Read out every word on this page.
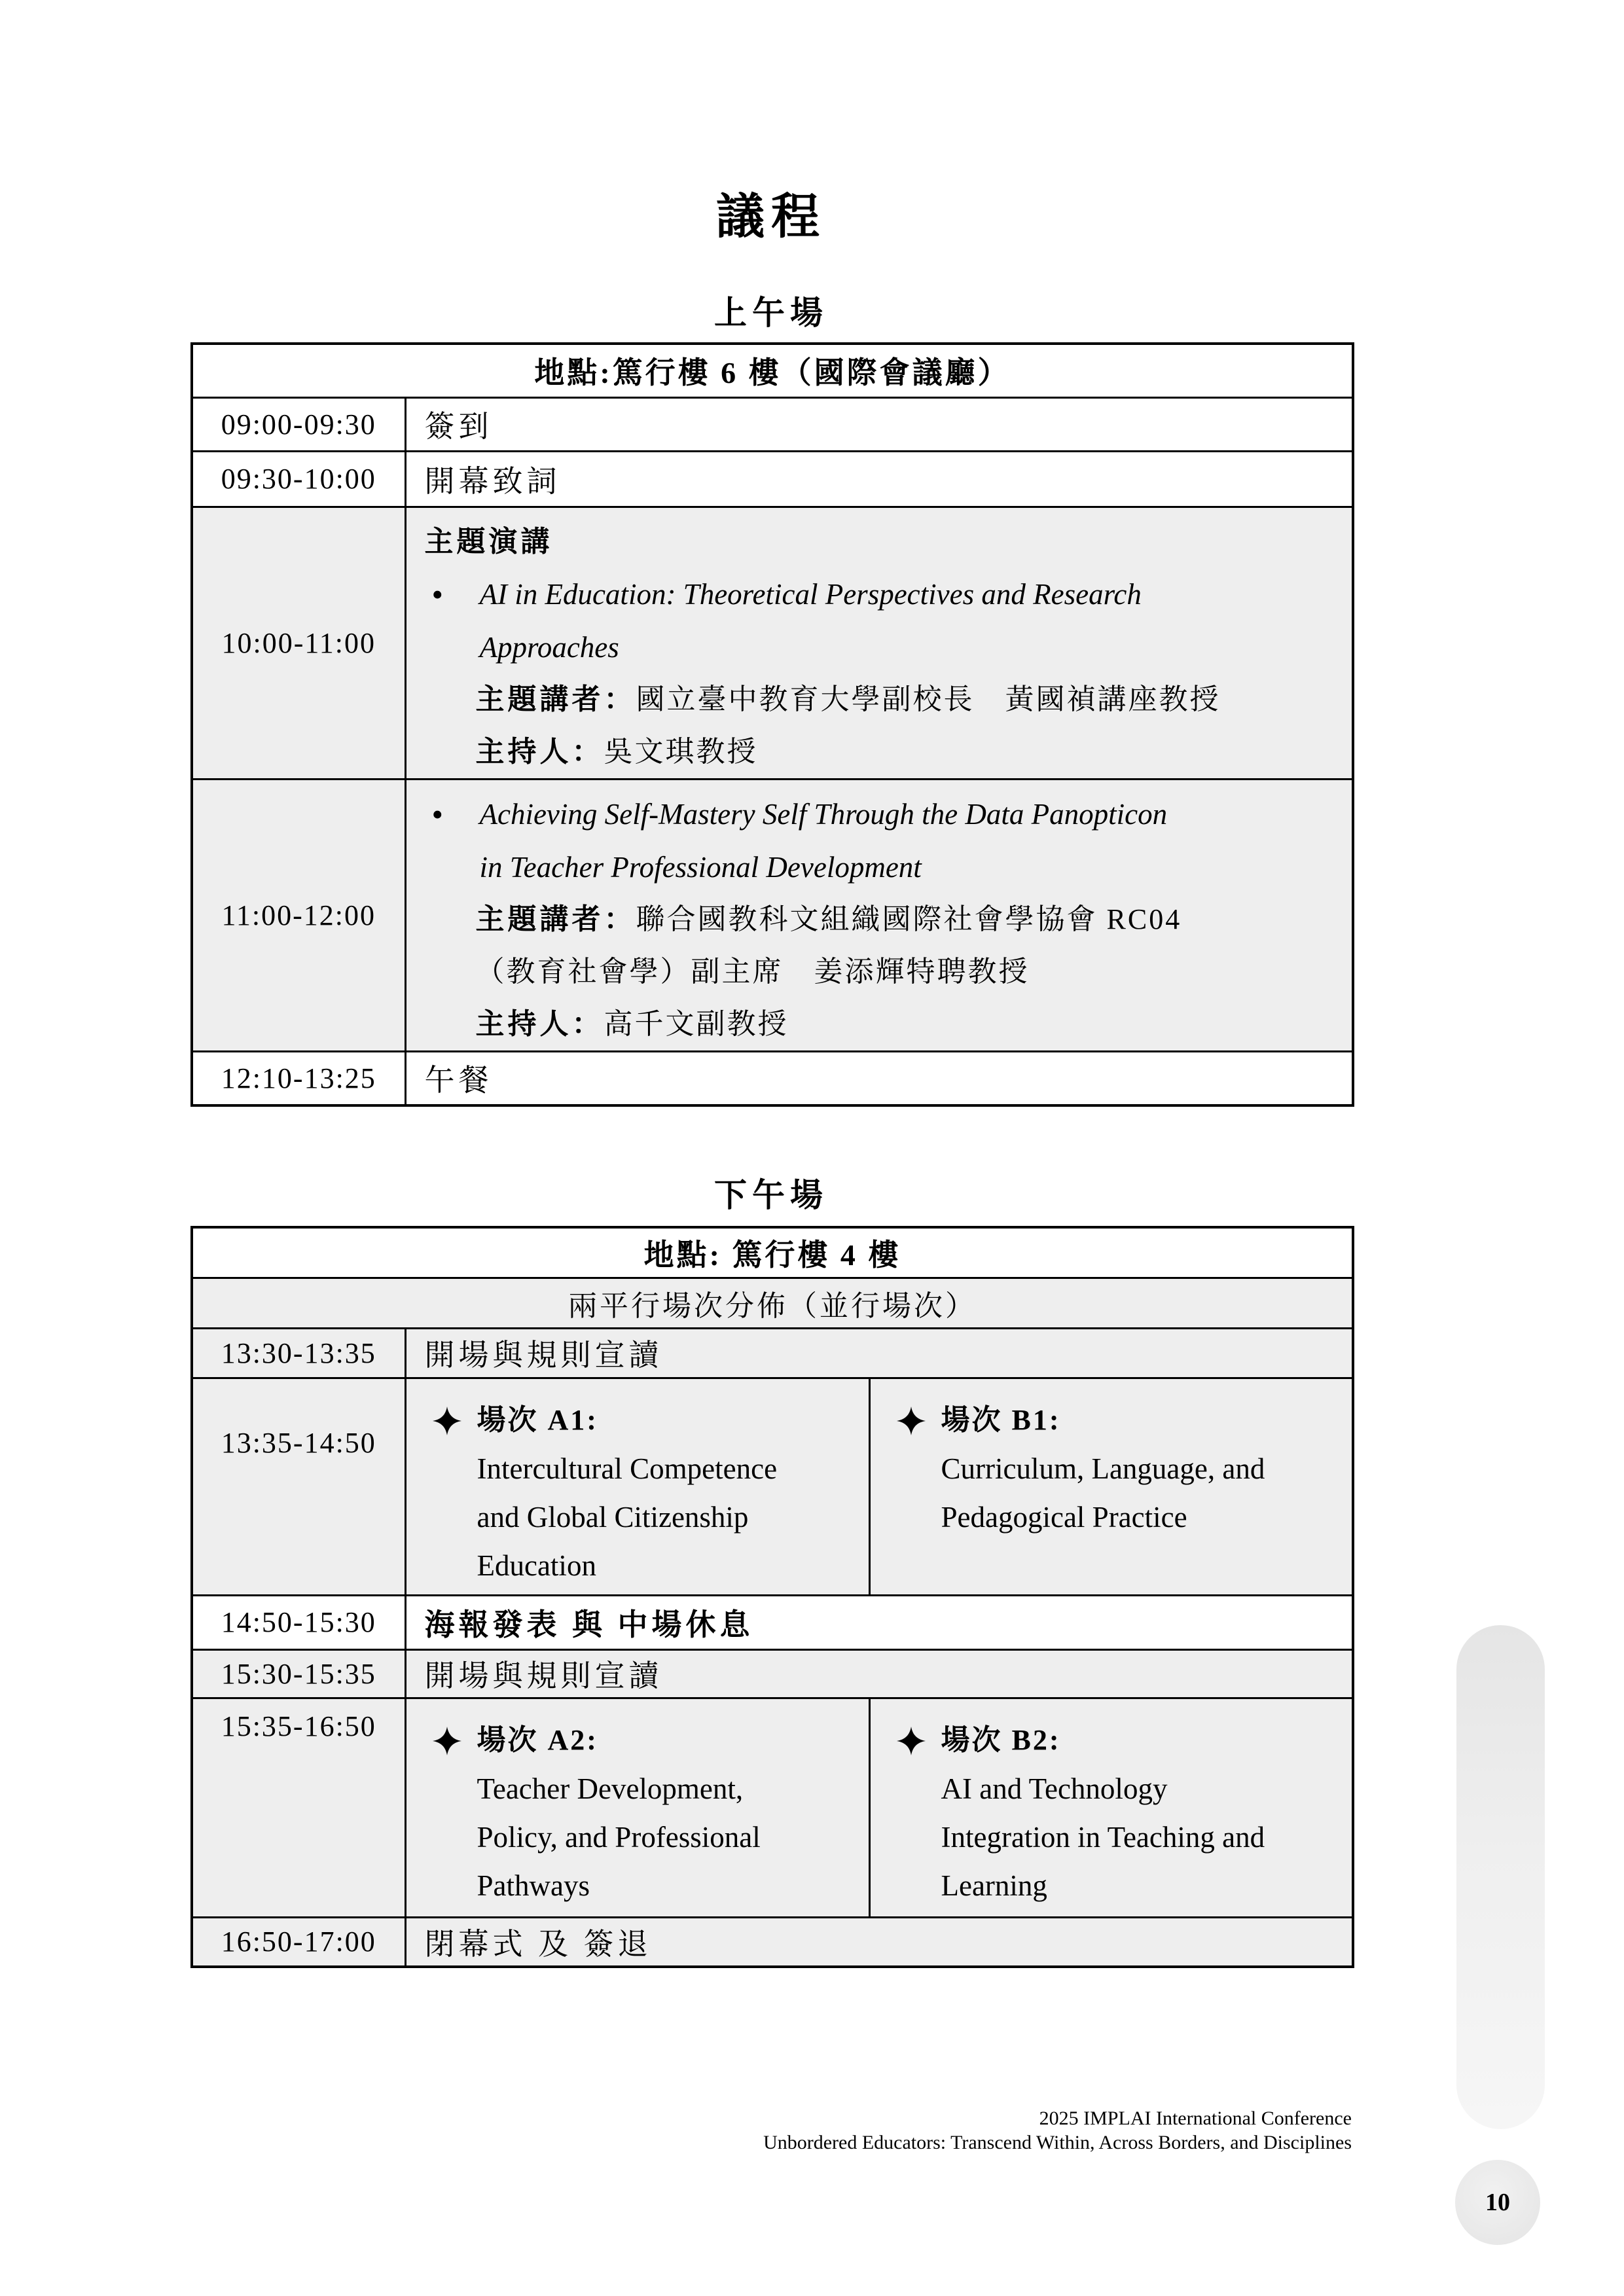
議程
上午場
地點:篤行樓 6 樓（國際會議廳）	
09:00-09:30	簽到
09:30-10:00	開幕致詞
10:00-11:00	
主題演講
• AI in Education: Theoretical Perspectives and Research
Approaches
主題講者：國立臺中教育大學副校長　黃國禎講座教授
主持人：吳文琪教授

11:00-12:00	
• Achieving Self-Mastery Self Through the Data Panopticon
in Teacher Professional Development
主題講者：聯合國教科文組織國際社會學協會 RC04
（教育社會學）副主席　姜添輝特聘教授
主持人：高千文副教授

12:10-13:25	午餐
下午場
地點: 篤行樓 4 樓		
兩平行場次分佈（並行場次）		
13:30-13:35	開場與規則宣讀	
13:35-14:50	
場次 A1:
Intercultural Competence
and Global Citizenship
Education

場次 B1:
Curriculum, Language, and
Pedagogical Practice

14:50-15:30	海報發表 與 中場休息	
15:30-15:35	開場與規則宣讀	
15:35-16:50	場次 A2:
Teacher Development,
Policy, and Professional
Pathways

場次 B2:
AI and Technology
Integration in Teaching and
Learning

16:50-17:00	閉幕式 及 簽退	
2025 IMPLAI International Conference
Unbordered Educators: Transcend Within, Across Borders, and Disciplines
10
